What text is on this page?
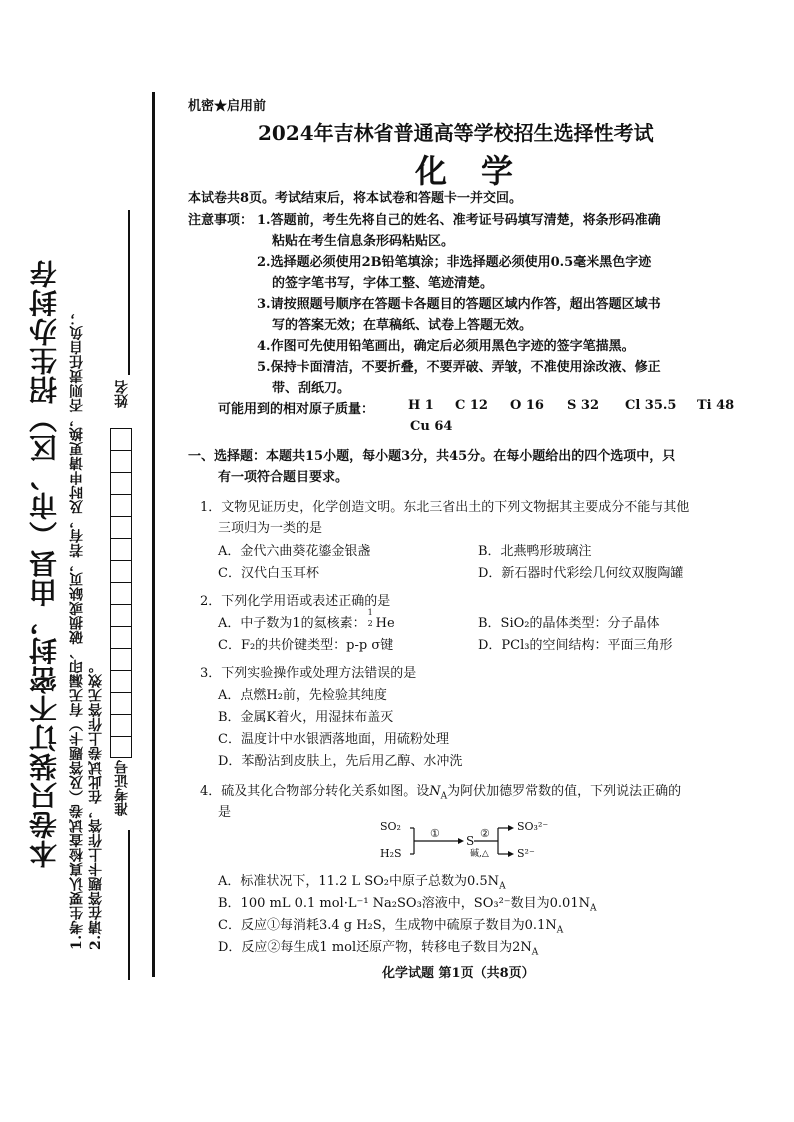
本卷只装订不密封，由县（市、区）招生办封存 1.考生要认真检查试卷（及答题卡）有无漏印、破损或缺页，若有，及时申请更换，否则责任自负； 2.请在答题卡上作答，在此试卷上作答无效。
姓名
准考证号
机密★启用前
2024年吉林省普通高等学校招生选择性考试
化学
本试卷共8页。考试结束后，将本试卷和答题卡一并交回。
注意事项： 1.答题前，考生先将自己的姓名、准考证号码填写清楚，将条形码准确
粘贴在考生信息条形码粘贴区。
2.选择题必须使用2B铅笔填涂；非选择题必须使用0.5毫米黑色字迹
的签字笔书写，字体工整、笔迹清楚。
3.请按照题号顺序在答题卡各题目的答题区域内作答，超出答题区域书
写的答案无效；在草稿纸、试卷上答题无效。
4.作图可先使用铅笔画出，确定后必须用黑色字迹的签字笔描黑。
5.保持卡面清洁，不要折叠，不要弄破、弄皱，不准使用涂改液、修正
带、刮纸刀。
可能用到的相对原子质量：	H 1 C 12 O 16 S 32 Cl 35.5 Ti 48
Cu 64
一、选择题：本题共15小题，每小题3分，共45分。在每小题给出的四个选项中，只
有一项符合题目要求。
1．文物见证历史，化学创造文明。东北三省出土的下列文物据其主要成分不能与其他
三项归为一类的是
A．金代六曲葵花鎏金银盏	B．北燕鸭形玻璃注
C．汉代白玉耳杯	D．新石器时代彩绘几何纹双腹陶罐
2．下列化学用语或表述正确的是
A．中子数为1的氦核素：
1
2 He	B．SiO₂的晶体类型：分子晶体
C．F₂的共价键类型：p-p σ键	D．PCl₃的空间结构：平面三角形
3．下列实验操作或处理方法错误的是
A．点燃H₂前，先检验其纯度
B．金属K着火，用湿抹布盖灭
C．温度计中水银洒落地面，用硫粉处理
D．苯酚沾到皮肤上，先后用乙醇、水冲洗
4．硫及其化合物部分转化关系如图。设$N_A$为阿伏加德罗常数的值，下列说法正确的
是
SO₂
H₂S
①
S
②
碱,△
SO₃²⁻
S²⁻
A．标准状况下，11.2 L SO₂中原子总数为$0.5N_A$
B．100 mL 0.1 mol·L⁻¹ Na₂SO₃溶液中，SO₃²⁻数目为$0.01N_A$
C．反应①每消耗3.4 g H₂S，生成物中硫原子数目为$0.1N_A$
D．反应②每生成1 mol还原产物，转移电子数目为$2N_A$
化学试题 第1页（共8页）
